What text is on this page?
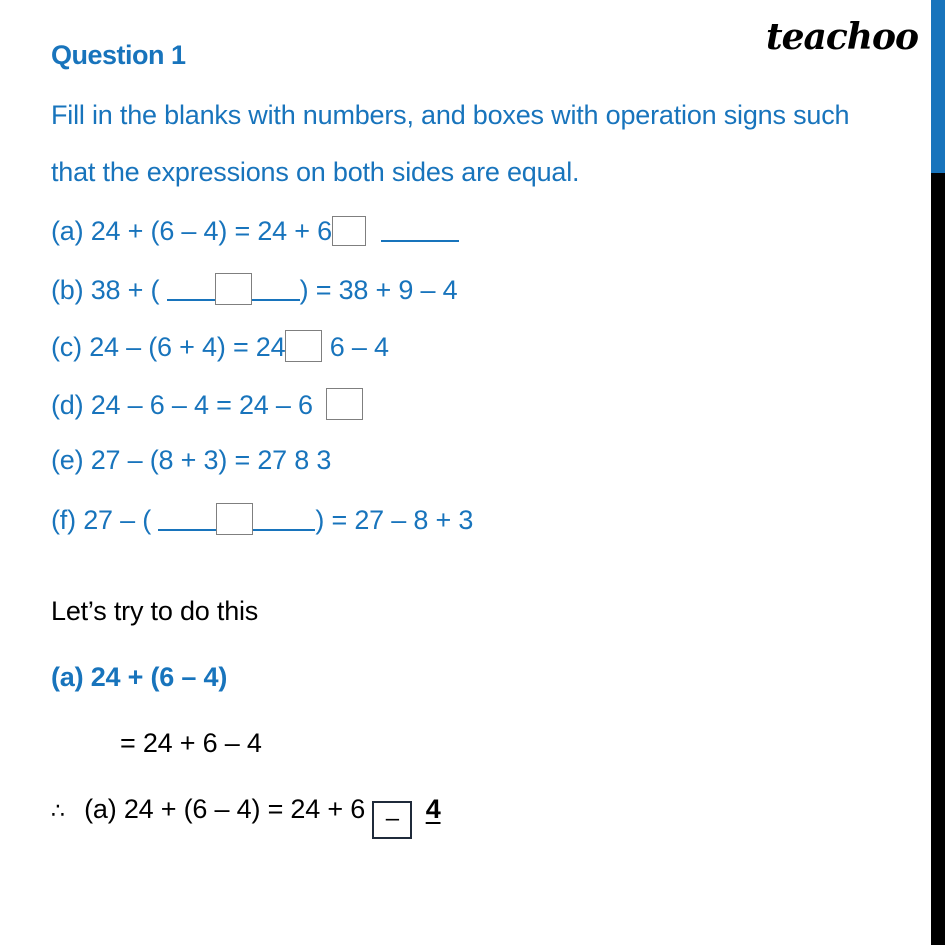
Question 1	teachoo
Fill in the blanks with numbers, and boxes with operation signs such
that the expressions on both sides are equal.
(a) 24 + (6 – 4) = 24 + 6
(b) 38 + (	) = 38 + 9 – 4
(c) 24 – (6 + 4) = 24 6 – 4
(d) 24 – 6 – 4 = 24 – 6
(e) 27 – (8 + 3) = 27 8 3
(f) 27 – (	) = 27 – 8 + 3
Let’s try to do this
(a) 24 + (6 – 4)
= 24 + 6 – 4
∴ (a) 24 + (6 – 4) = 24 + 6 – 4
